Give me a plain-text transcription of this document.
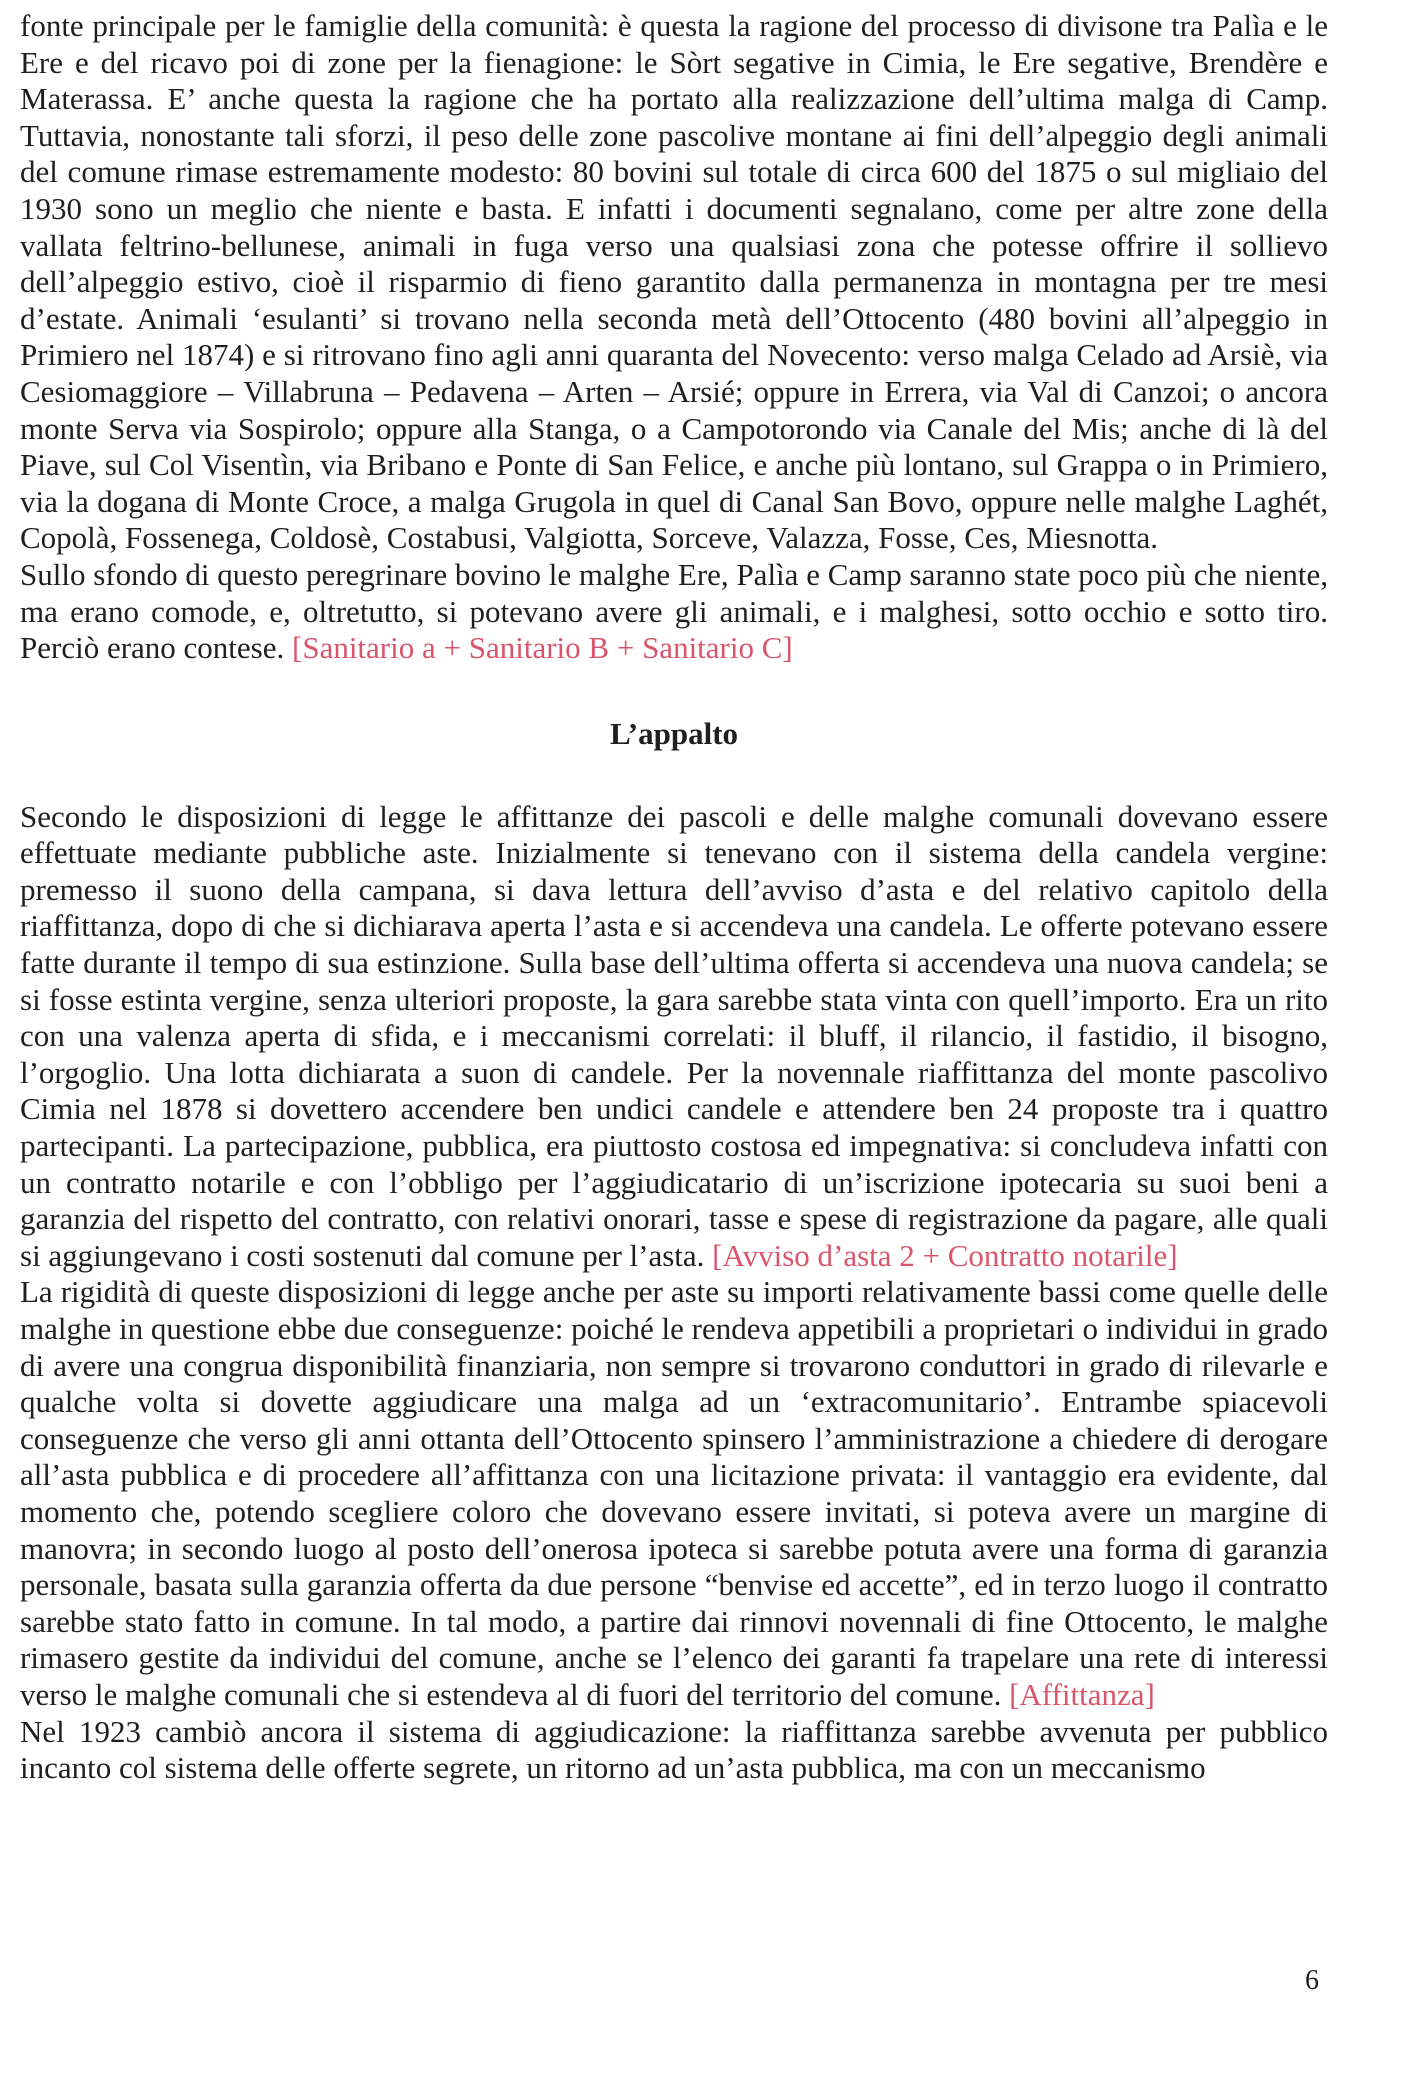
fonte principale per le famiglie della comunità: è questa la ragione del processo di divisone tra Palìa e le Ere e del ricavo poi di zone per la fienagione: le Sòrt segative in Cimia, le Ere segative, Brendère e Materassa. E’ anche questa la ragione che ha portato alla realizzazione dell’ultima malga di Camp. Tuttavia, nonostante tali sforzi, il peso delle zone pascolive montane ai fini dell’alpeggio degli animali del comune rimase estremamente modesto: 80 bovini sul totale di circa 600 del 1875 o sul migliaio del 1930 sono un meglio che niente e basta. E infatti i documenti segnalano, come per altre zone della vallata feltrino-bellunese, animali in fuga verso una qualsiasi zona che potesse offrire il sollievo dell’alpeggio estivo, cioè il risparmio di fieno garantito dalla permanenza in montagna per tre mesi d’estate. Animali ‘esulanti’ si trovano nella seconda metà dell’Ottocento (480 bovini all’alpeggio in Primiero nel 1874) e si ritrovano fino agli anni quaranta del Novecento: verso malga Celado ad Arsiè, via Cesiomaggiore – Villabruna – Pedavena – Arten – Arsié; oppure in Errera, via Val di Canzoi; o ancora monte Serva via Sospirolo; oppure alla Stanga, o a Campotorondo via Canale del Mis; anche di là del Piave, sul Col Visentìn, via Bribano e Ponte di San Felice, e anche più lontano, sul Grappa o in Primiero, via la dogana di Monte Croce, a malga Grugola in quel di Canal San Bovo, oppure nelle malghe Laghét, Copolà, Fossenega, Coldosè, Costabusi, Valgiotta, Sorceve, Valazza, Fosse, Ces, Miesnotta.

Sullo sfondo di questo peregrinare bovino le malghe Ere, Palìa e Camp saranno state poco più che niente, ma erano comode, e, oltretutto, si potevano avere gli animali, e i malghesi, sotto occhio e sotto tiro. Perciò erano contese. [Sanitario a + Sanitario B + Sanitario C]

L’appalto

Secondo le disposizioni di legge le affittanze dei pascoli e delle malghe comunali dovevano essere effettuate mediante pubbliche aste. Inizialmente si tenevano con il sistema della candela vergine: premesso il suono della campana, si dava lettura dell’avviso d’asta e del relativo capitolo della riaffittanza, dopo di che si dichiarava aperta l’asta e si accendeva una candela. Le offerte potevano essere fatte durante il tempo di sua estinzione. Sulla base dell’ultima offerta si accendeva una nuova candela; se si fosse estinta vergine, senza ulteriori proposte, la gara sarebbe stata vinta con quell’importo. Era un rito con una valenza aperta di sfida, e i meccanismi correlati: il bluff, il rilancio, il fastidio, il bisogno, l’orgoglio. Una lotta dichiarata a suon di candele. Per la novennale riaffittanza del monte pascolivo Cimia nel 1878 si dovettero accendere ben undici candele e attendere ben 24 proposte tra i quattro partecipanti. La partecipazione, pubblica, era piuttosto costosa ed impegnativa: si concludeva infatti con un contratto notarile e con l’obbligo per l’aggiudicatario di un’iscrizione ipotecaria su suoi beni a garanzia del rispetto del contratto, con relativi onorari, tasse e spese di registrazione da pagare, alle quali si aggiungevano i costi sostenuti dal comune per l’asta. [Avviso d’asta 2 + Contratto notarile]

La rigidità di queste disposizioni di legge anche per aste su importi relativamente bassi come quelle delle malghe in questione ebbe due conseguenze: poiché le rendeva appetibili a proprietari o individui in grado di avere una congrua disponibilità finanziaria, non sempre si trovarono conduttori in grado di rilevarle e qualche volta si dovette aggiudicare una malga ad un ‘extracomunitario’. Entrambe spiacevoli conseguenze che verso gli anni ottanta dell’Ottocento spinsero l’amministrazione a chiedere di derogare all’asta pubblica e di procedere all’affittanza con una licitazione privata: il vantaggio era evidente, dal momento che, potendo scegliere coloro che dovevano essere invitati, si poteva avere un margine di manovra; in secondo luogo al posto dell’onerosa ipoteca si sarebbe potuta avere una forma di garanzia personale, basata sulla garanzia offerta da due persone “benvise ed accette”, ed in terzo luogo il contratto sarebbe stato fatto in comune. In tal modo, a partire dai rinnovi novennali di fine Ottocento, le malghe rimasero gestite da individui del comune, anche se l’elenco dei garanti fa trapelare una rete di interessi verso le malghe comunali che si estendeva al di fuori del territorio del comune. [Affittanza]

Nel 1923 cambiò ancora il sistema di aggiudicazione: la riaffittanza sarebbe avvenuta per pubblico incanto col sistema delle offerte segrete, un ritorno ad un’asta pubblica, ma con un meccanismo

6
